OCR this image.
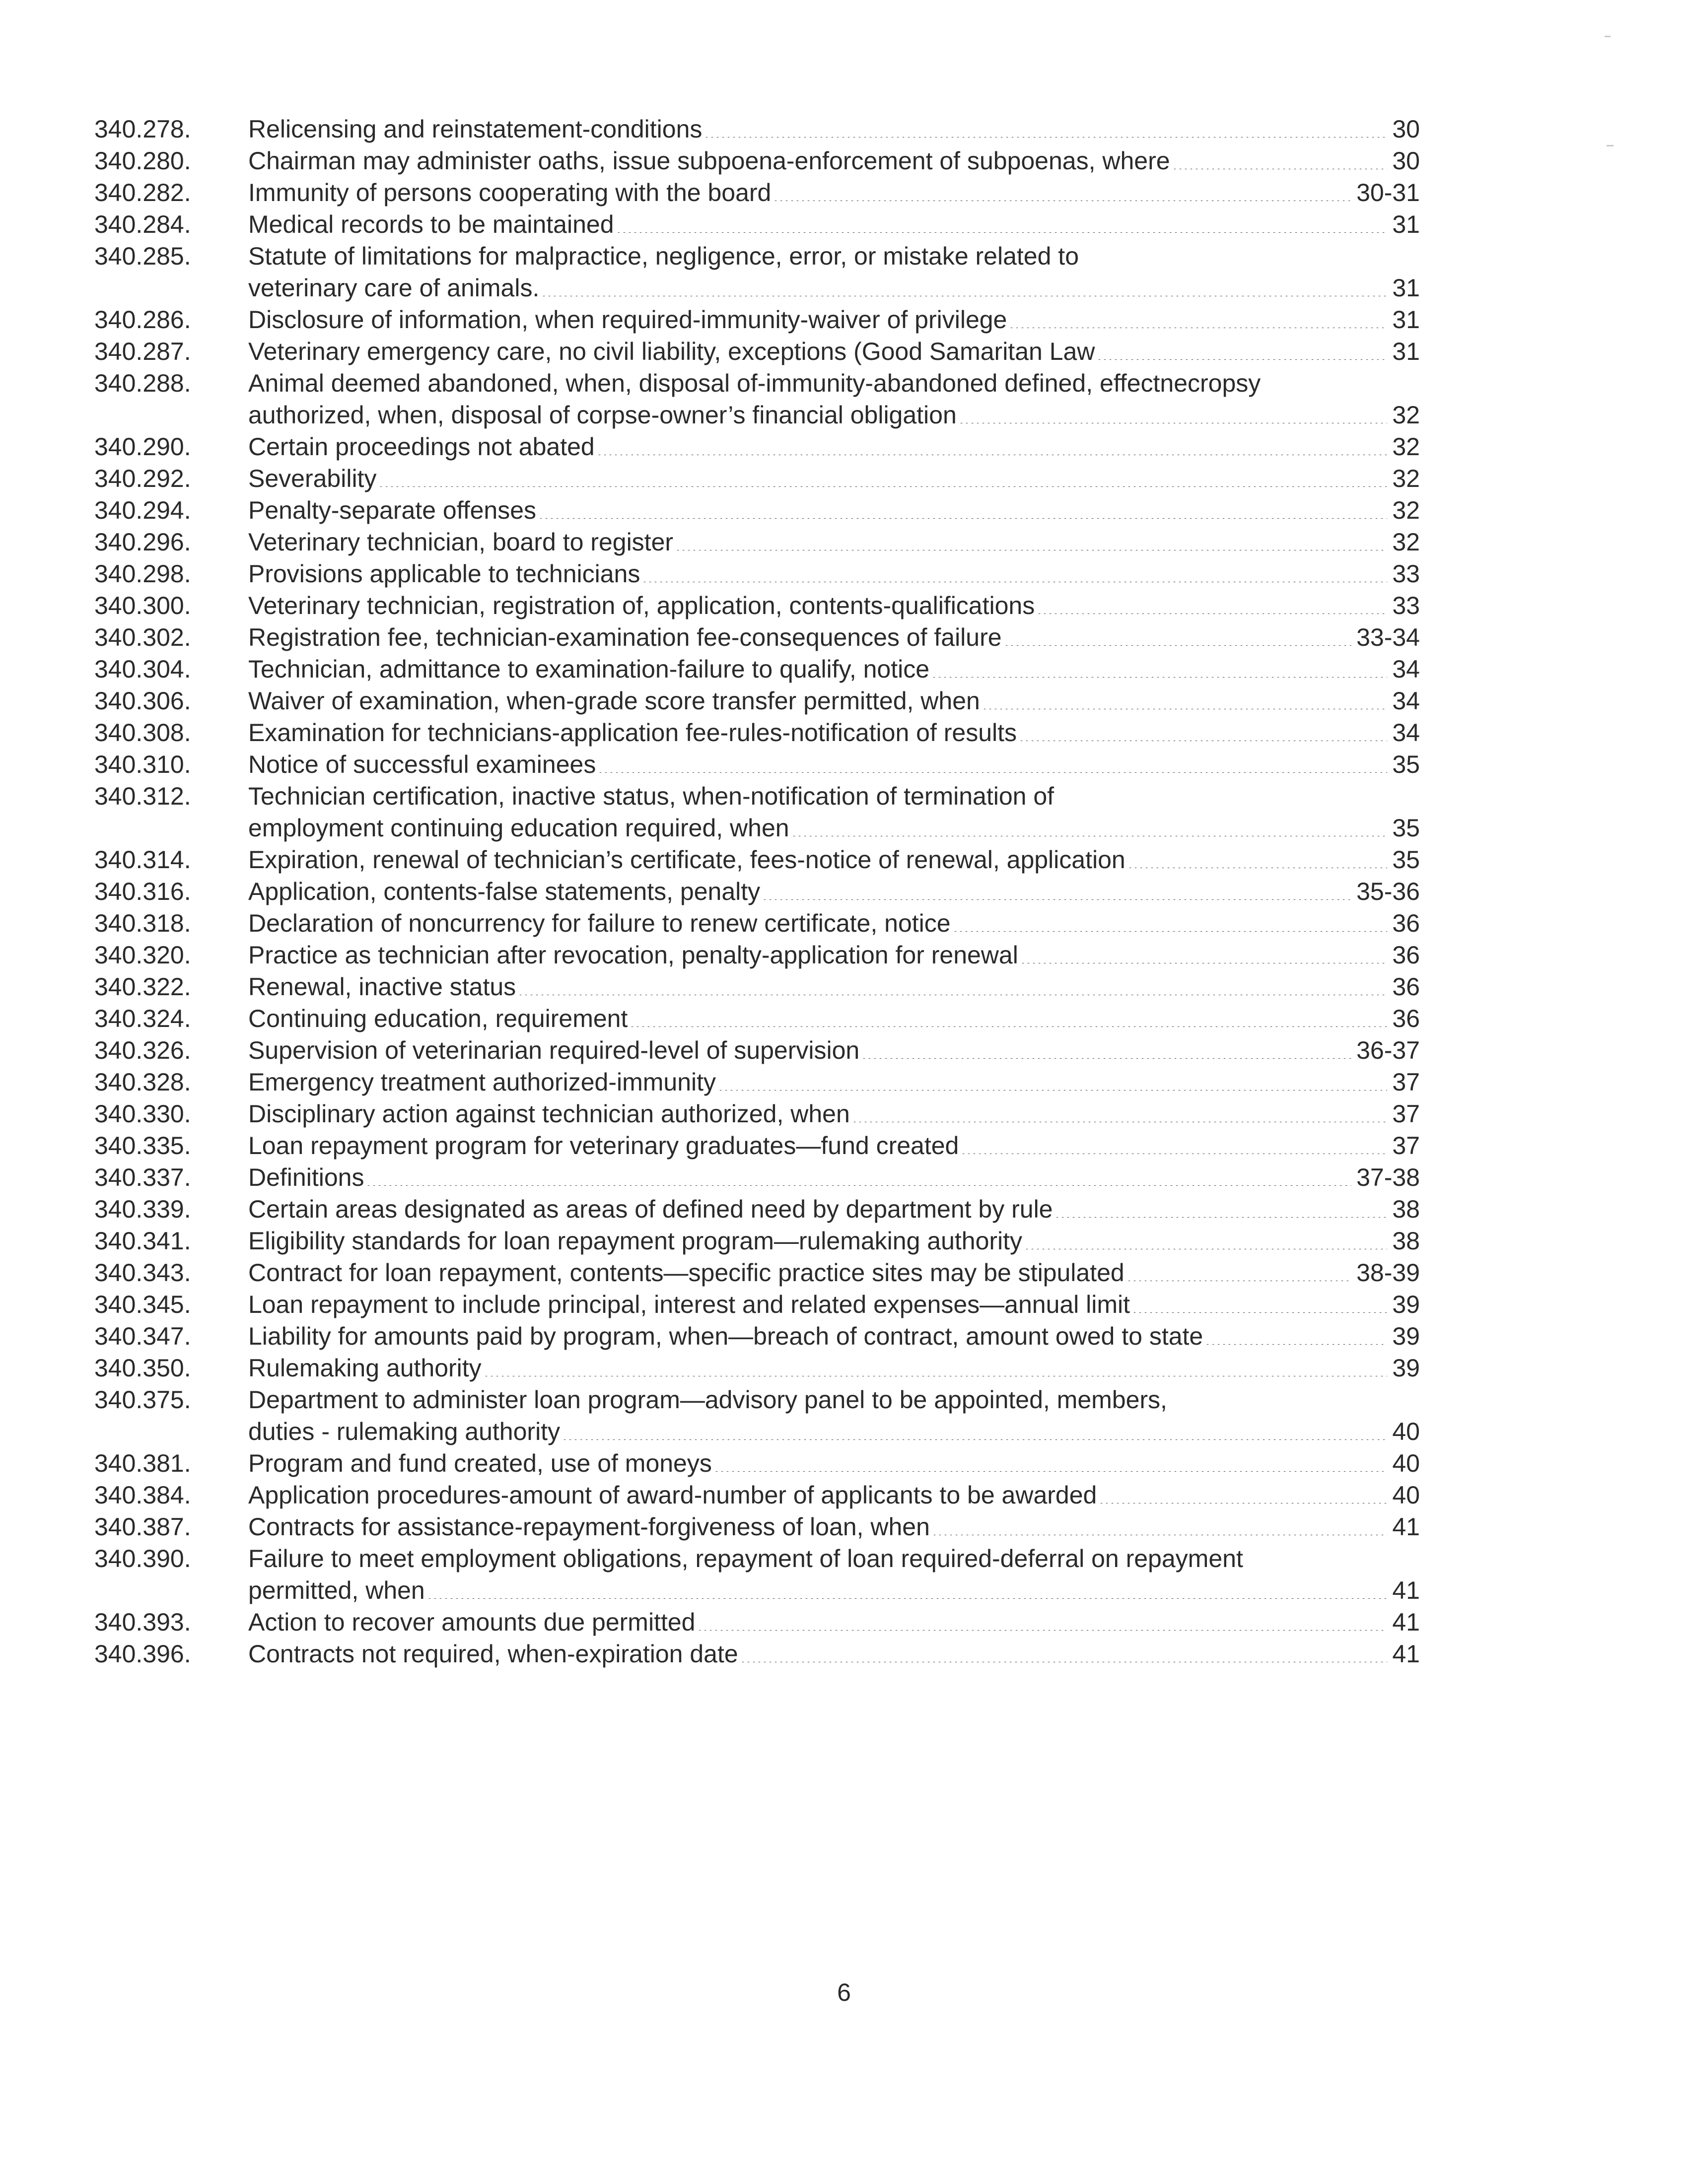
340.278.	Relicensing and reinstatement-conditions	30
340.280.	Chairman may administer oaths, issue subpoena-enforcement of subpoenas, where	30
340.282.	Immunity of persons cooperating with the board	30-31
340.284.	Medical records to be maintained	31
340.285.	Statute of limitations for malpractice, negligence, error, or mistake related to
veterinary care of animals.	31
340.286.	Disclosure of information, when required-immunity-waiver of privilege	31
340.287.	Veterinary emergency care, no civil liability, exceptions (Good Samaritan Law	31
340.288.	Animal deemed abandoned, when, disposal of-immunity-abandoned defined, effectnecropsy
authorized, when, disposal of corpse-owner’s financial obligation	32
340.290.	Certain proceedings not abated	32
340.292.	Severability	32
340.294.	Penalty-separate offenses	32
340.296.	Veterinary technician, board to register	32
340.298.	Provisions applicable to technicians	33
340.300.	Veterinary technician, registration of, application, contents-qualifications	33
340.302.	Registration fee, technician-examination fee-consequences of failure	33-34
340.304.	Technician, admittance to examination-failure to qualify, notice	34
340.306.	Waiver of examination, when-grade score transfer permitted, when	34
340.308.	Examination for technicians-application fee-rules-notification of results	34
340.310.	Notice of successful examinees	35
340.312.	Technician certification, inactive status, when-notification of termination of
employment continuing education required, when	35
340.314.	Expiration, renewal of technician’s certificate, fees-notice of renewal, application	35
340.316.	Application, contents-false statements, penalty	35-36
340.318.	Declaration of noncurrency for failure to renew certificate, notice	36
340.320.	Practice as technician after revocation, penalty-application for renewal	36
340.322.	Renewal, inactive status	36
340.324.	Continuing education, requirement	36
340.326.	Supervision of veterinarian required-level of supervision	36-37
340.328.	Emergency treatment authorized-immunity	37
340.330.	Disciplinary action against technician authorized, when	37
340.335.	Loan repayment program for veterinary graduates—fund created	37
340.337.	Definitions	37-38
340.339.	Certain areas designated as areas of defined need by department by rule	38
340.341.	Eligibility standards for loan repayment program—rulemaking authority	38
340.343.	Contract for loan repayment, contents—specific practice sites may be stipulated	38-39
340.345.	Loan repayment to include principal, interest and related expenses—annual limit	39
340.347.	Liability for amounts paid by program, when—breach of contract, amount owed to state	39
340.350.	Rulemaking authority	39
340.375.	Department to administer loan program—advisory panel to be appointed, members,
duties - rulemaking authority	40
340.381.	Program and fund created, use of moneys	40
340.384.	Application procedures-amount of award-number of applicants to be awarded	40
340.387.	Contracts for assistance-repayment-forgiveness of loan, when	41
340.390.	Failure to meet employment obligations, repayment of loan required-deferral on repayment
permitted, when	41
340.393.	Action to recover amounts due permitted	41
340.396.	Contracts not required, when-expiration date	41
6
